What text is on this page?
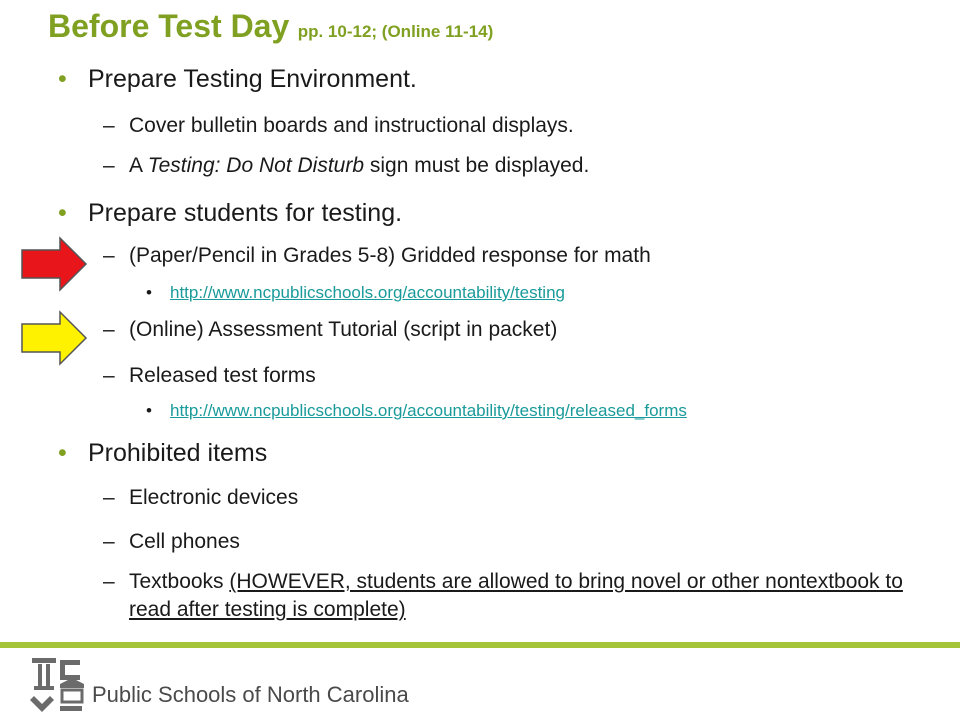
Before Test Day pp. 10-12; (Online 11-14)
• Prepare Testing Environment.
– Cover bulletin boards and instructional displays.
– A Testing: Do Not Disturb sign must be displayed.
• Prepare students for testing.
– (Paper/Pencil in Grades 5-8) Gridded response for math
• http://www.ncpublicschools.org/accountability/testing
– (Online) Assessment Tutorial (script in packet)
– Released test forms
• http://www.ncpublicschools.org/accountability/testing/released_forms
• Prohibited items
– Electronic devices
– Cell phones
– Textbooks (HOWEVER, students are allowed to bring novel or other nontextbook to read after testing is complete)
Public Schools of North Carolina
